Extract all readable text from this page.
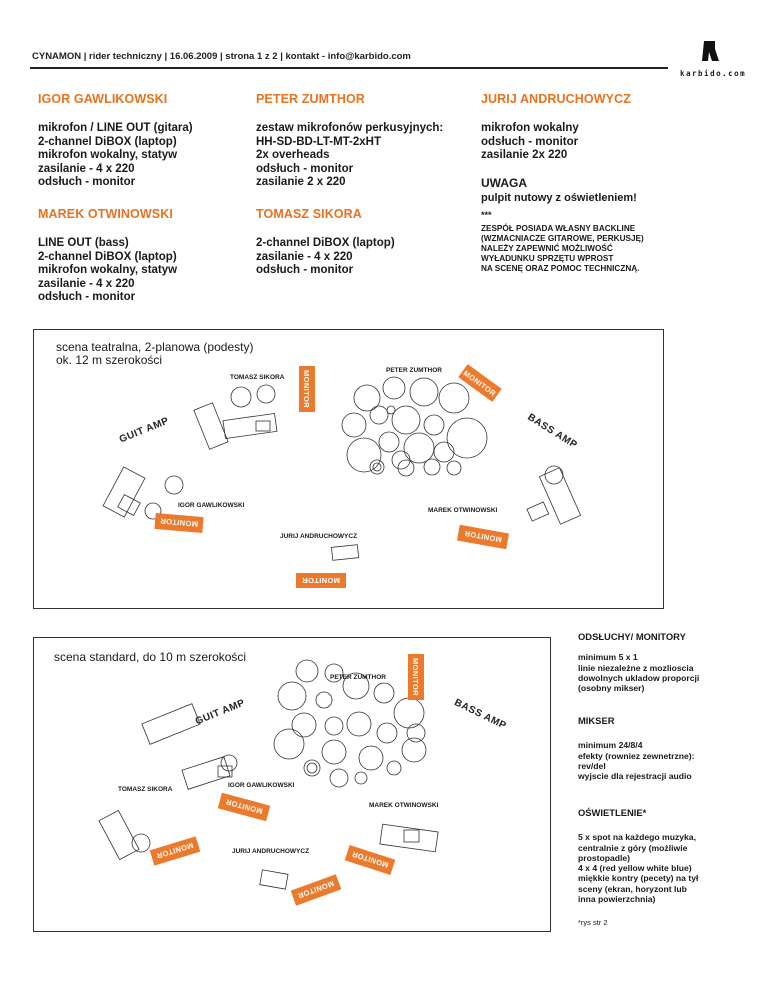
CYNAMON | rider techniczny | 16.06.2009 | strona 1 z 2 | kontakt - info@karbido.com
karbido.com
IGOR GAWLIKOWSKI
mikrofon / LINE OUT (gitara)
2-channel DiBOX (laptop)
mikrofon wokalny, statyw
zasilanie - 4 x 220
odsłuch - monitor
PETER ZUMTHOR
zestaw mikrofonów perkusyjnych:
HH-SD-BD-LT-MT-2xHT
2x overheads
odsłuch - monitor
zasilanie 2 x 220
JURIJ ANDRUCHOWYCZ
mikrofon wokalny
odsłuch - monitor
zasilanie 2x 220
UWAGA
pulpit nutowy z oświetleniem!
MAREK OTWINOWSKI
LINE OUT (bass)
2-channel DiBOX (laptop)
mikrofon wokalny, statyw
zasilanie - 4 x 220
odsłuch - monitor
TOMASZ SIKORA
2-channel DiBOX (laptop)
zasilanie - 4 x 220
odsłuch - monitor
***
ZESPÓŁ POSIADA WŁASNY BACKLINE
(WZMACNIACZE GITAROWE, PERKUSJĘ)
NALEŻY ZAPEWNIĆ MOŻLIWOŚĆ
WYŁADUNKU SPRZĘTU WPROST
NA SCENĘ ORAZ POMOC TECHNICZNĄ.
scena teatralna, 2-planowa (podesty)
ok. 12 m szerokości
TOMASZ SIKORA
PETER ZUMTHOR
IGOR GAWLIKOWSKI
MAREK OTWINOWSKI
JURIJ ANDRUCHOWYCZ
GUIT AMP	BASS AMP
MONITOR	MONITOR
MONITOR
MONITOR
MONITOR
scena standard, do 10 m szerokości
PETER ZUMTHOR
IGOR GAWLIKOWSKI
TOMASZ SIKORA
MAREK OTWINOWSKI
JURIJ ANDRUCHOWYCZ
GUIT AMP	BASS AMP
MONITOR
MONITOR
MONITOR	MONITOR
MONITOR
ODSŁUCHY/ MONITORY
minimum 5 x 1
linie niezależne z mozlioscia
dowolnych ukladow proporcji
(osobny mikser)
MIKSER
minimum 24/8/4
efekty (rowniez zewnetrzne):
rev/del
wyjscie dla rejestracji audio
OŚWIETLENIE*
5 x spot na każdego muzyka,
centralnie z góry (możliwie
prostopadle)
4 x 4 (red yellow white blue)
miękkie kontry (pecety) na tył
sceny (ekran, horyzont lub
inna powierzchnia)
*rys str 2
